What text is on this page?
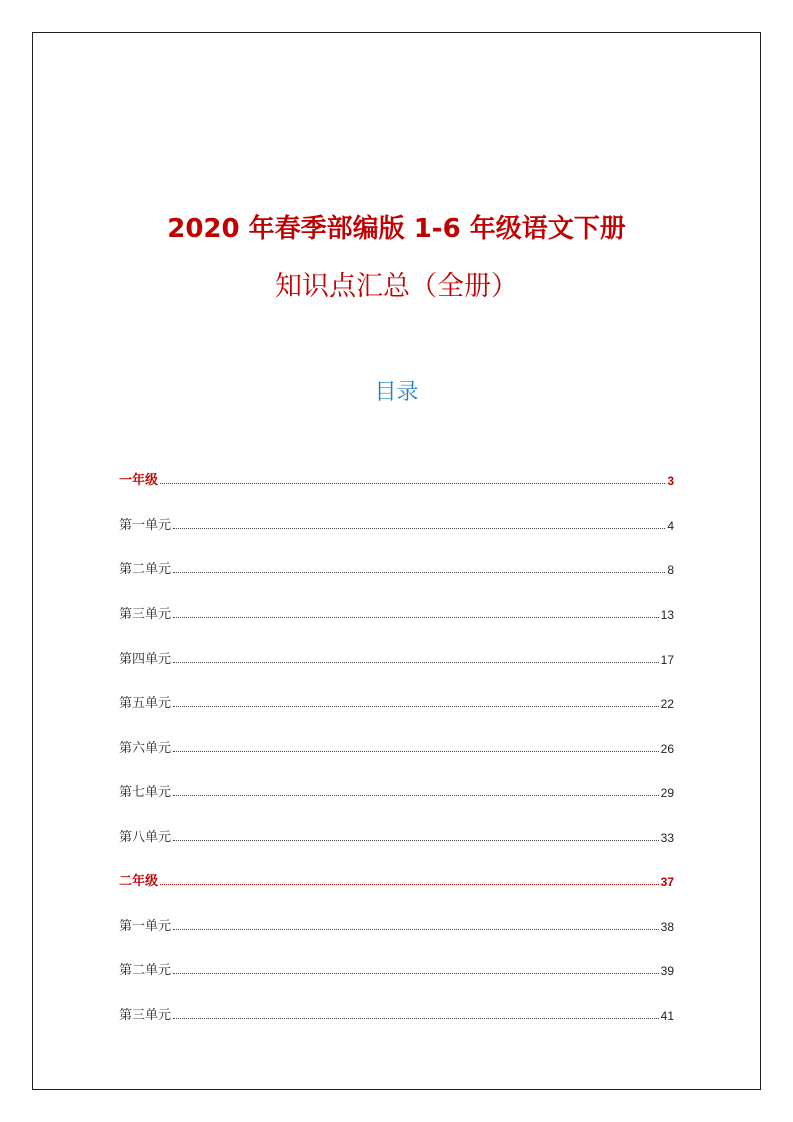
2020 年春季部编版 1-6 年级语文下册
知识点汇总（全册）
目录
一年级	3
第一单元	4
第二单元	8
第三单元	13
第四单元	17
第五单元	22
第六单元	26
第七单元	29
第八单元	33
二年级	37
第一单元	38
第二单元	39
第三单元	41
